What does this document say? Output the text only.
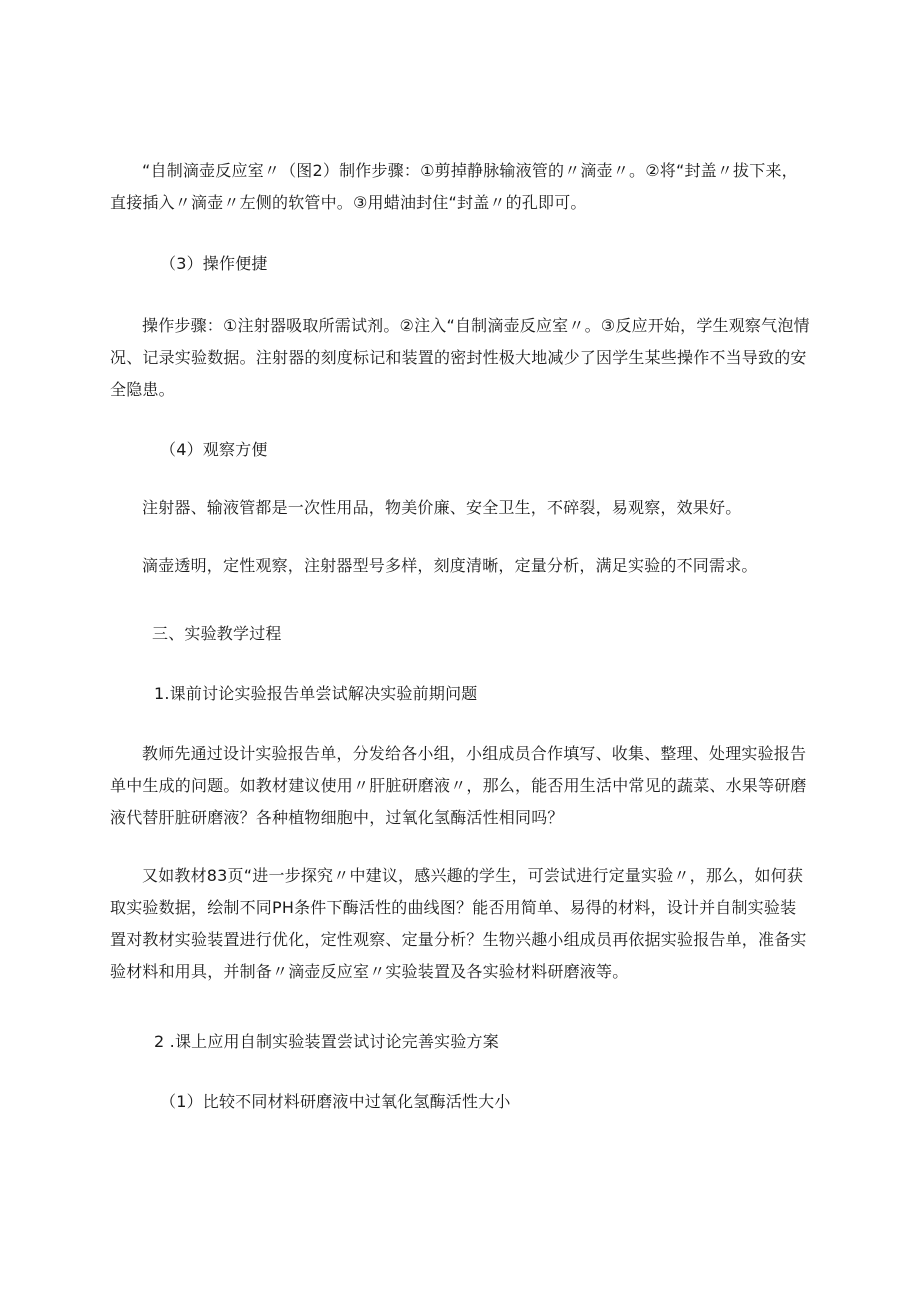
“自制滴壶反应室〃（图2）制作步骤：①剪掉静脉输液管的〃滴壶〃。②将“封盖〃拔下来，直接插入〃滴壶〃左侧的软管中。③用蜡油封住“封盖〃的孔即可。

（3）操作便捷

操作步骤：①注射器吸取所需试剂。②注入“自制滴壶反应室〃。③反应开始，学生观察气泡情况、记录实验数据。注射器的刻度标记和装置的密封性极大地减少了因学生某些操作不当导致的安全隐患。

（4）观察方便

注射器、输液管都是一次性用品，物美价廉、安全卫生，不碎裂，易观察，效果好。

滴壶透明，定性观察，注射器型号多样，刻度清晰，定量分析，满足实验的不同需求。

三、实验教学过程

1.课前讨论实验报告单尝试解决实验前期问题

教师先通过设计实验报告单，分发给各小组，小组成员合作填写、收集、整理、处理实验报告单中生成的问题。如教材建议使用〃肝脏研磨液〃，那么，能否用生活中常见的蔬菜、水果等研磨液代替肝脏研磨液？各种植物细胞中，过氧化氢酶活性相同吗？

又如教材83页“进一步探究〃中建议，感兴趣的学生，可尝试进行定量实验〃，那么，如何获取实验数据，绘制不同PH条件下酶活性的曲线图？能否用简单、易得的材料，设计并自制实验装置对教材实验装置进行优化，定性观察、定量分析？生物兴趣小组成员再依据实验报告单，准备实验材料和用具，并制备〃滴壶反应室〃实验装置及各实验材料研磨液等。

2 .课上应用自制实验装置尝试讨论完善实验方案

（1）比较不同材料研磨液中过氧化氢酶活性大小
